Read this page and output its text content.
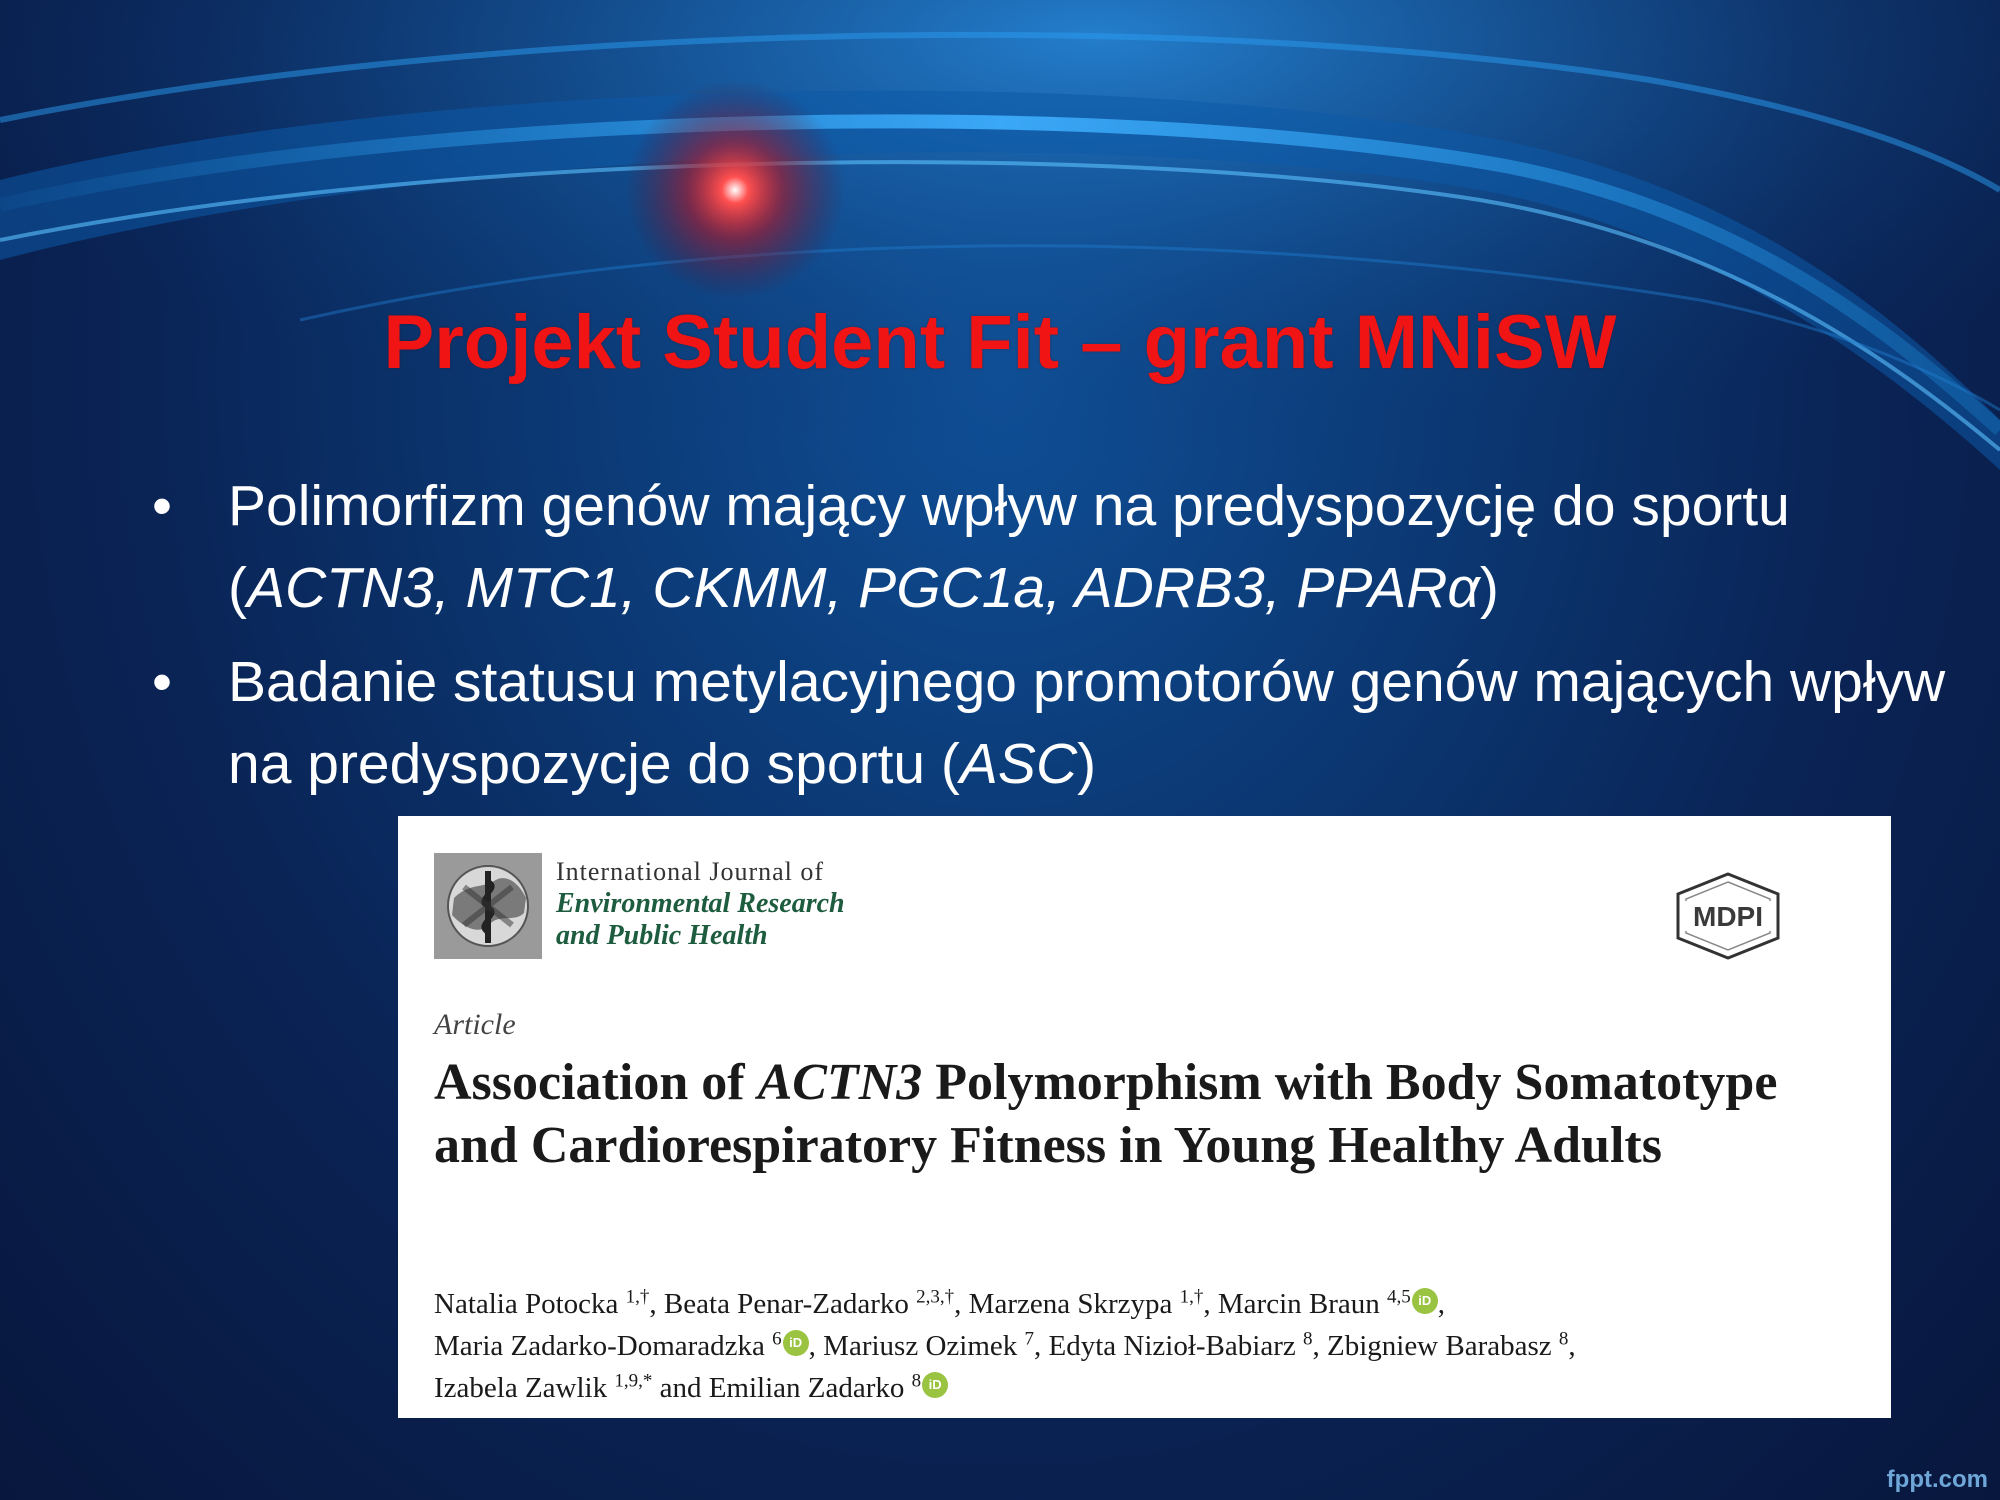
Projekt Student Fit – grant MNiSW
• Polimorfizm genów mający wpływ na predyspozycję do sportu
(ACTN3, MTC1, CKMM, PGC1a, ADRB3, PPARα)
• Badanie statusu metylacyjnego promotorów genów mających wpływ na predyspozycje do sportu (ASC)
International Journal of
Environmental Research
and Public Health
MDPI
Article
Association of ACTN3 Polymorphism with Body Somatotype and Cardiorespiratory Fitness in Young Healthy Adults
Natalia Potocka $^{1,\dagger}$, Beata Penar-Zadarko $^{2,3,\dagger}$, Marzena Skrzypa $^{1,\dagger}$, Marcin Braun $^{4,5}$ iD ,
Maria Zadarko-Domaradzka $^6$ iD , Mariusz Ozimek $^7$, Edyta Nizioł-Babiarz $^8$, Zbigniew Barabasz $^8$,
Izabela Zawlik $^{1,9,*}$ and Emilian Zadarko $^8$ iD
fppt.com
